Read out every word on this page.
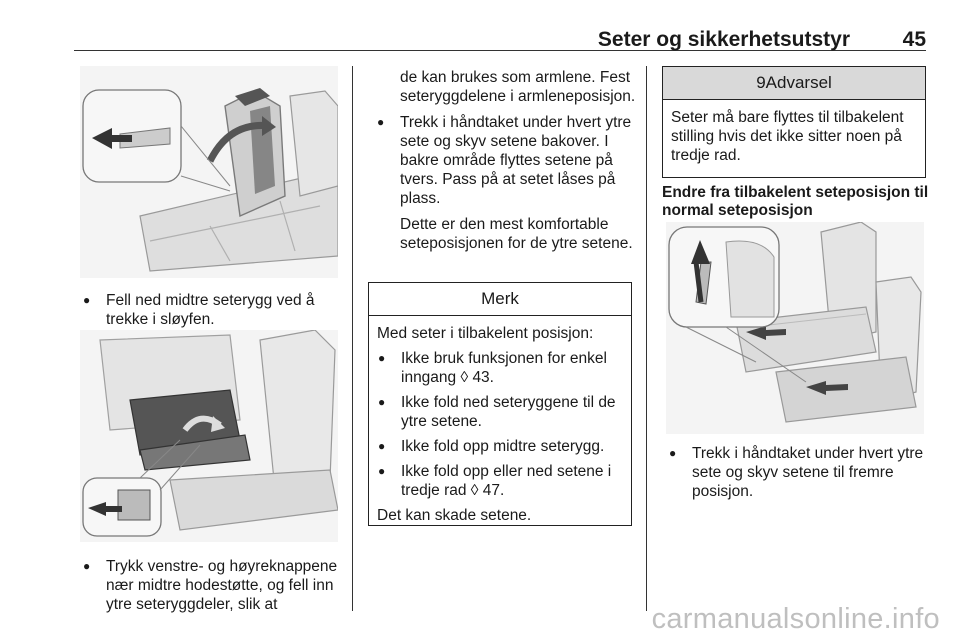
Seter og sikkerhetsutstyr	45
● Fell ned midtre seterygg ved å trekke i sløyfen.
● Trykk venstre- og høyreknappene nær midtre hodestøtte, og fell inn ytre seteryggdeler, slik at
de kan brukes som armlene. Fest seteryggdelene i armleneposisjon.
● Trekk i håndtaket under hvert ytre sete og skyv setene bakover. I bakre område flyttes setene på tvers. Pass på at setet låses på plass.
Dette er den mest komfortable seteposisjonen for de ytre setene.
Merk
Med seter i tilbakelent posisjon:
● Ikke bruk funksjonen for enkel inngang ◊ 43.
● Ikke fold ned seteryggene til de ytre setene.
● Ikke fold opp midtre seterygg.
● Ikke fold opp eller ned setene i tredje rad ◊ 47.
Det kan skade setene.
9Advarsel
Seter må bare flyttes til tilbakelent stilling hvis det ikke sitter noen på tredje rad.
Endre fra tilbakelent seteposisjon til normal seteposisjon
● Trekk i håndtaket under hvert ytre sete og skyv setene til fremre posisjon.
carmanualsonline.info
